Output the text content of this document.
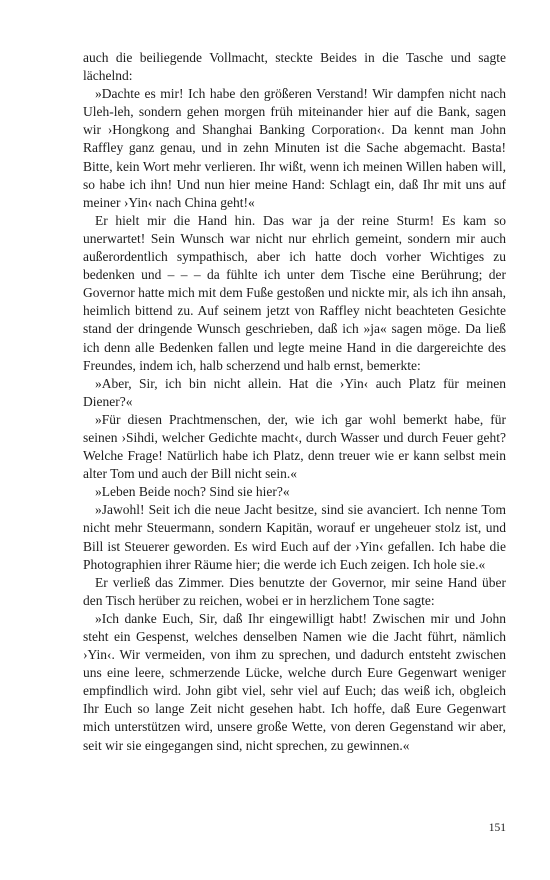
auch die beiliegende Vollmacht, steckte Beides in die Tasche und sagte lächelnd:

»Dachte es mir! Ich habe den größeren Verstand! Wir dampfen nicht nach Uleh-leh, sondern gehen morgen früh miteinander hier auf die Bank, sagen wir ›Hongkong and Shanghai Banking Corporation‹. Da kennt man John Raffley ganz genau, und in zehn Minuten ist die Sache abgemacht. Basta! Bitte, kein Wort mehr verlieren. Ihr wißt, wenn ich meinen Willen haben will, so habe ich ihn! Und nun hier meine Hand: Schlagt ein, daß Ihr mit uns auf meiner ›Yin‹ nach China geht!«

Er hielt mir die Hand hin. Das war ja der reine Sturm! Es kam so unerwartet! Sein Wunsch war nicht nur ehrlich gemeint, sondern mir auch außerordentlich sympathisch, aber ich hatte doch vorher Wichtiges zu bedenken und – – – da fühlte ich unter dem Tische eine Berührung; der Governor hatte mich mit dem Fuße gestoßen und nickte mir, als ich ihn ansah, heimlich bittend zu. Auf seinem jetzt von Raffley nicht beachteten Gesichte stand der dringende Wunsch geschrieben, daß ich »ja« sagen möge. Da ließ ich denn alle Bedenken fallen und legte meine Hand in die dargereichte des Freundes, indem ich, halb scherzend und halb ernst, bemerkte:

»Aber, Sir, ich bin nicht allein. Hat die ›Yin‹ auch Platz für meinen Diener?«

»Für diesen Prachtmenschen, der, wie ich gar wohl bemerkt habe, für seinen ›Sihdi, welcher Gedichte macht‹, durch Wasser und durch Feuer geht? Welche Frage! Natürlich habe ich Platz, denn treuer wie er kann selbst mein alter Tom und auch der Bill nicht sein.«

»Leben Beide noch? Sind sie hier?«

»Jawohl! Seit ich die neue Jacht besitze, sind sie avanciert. Ich nenne Tom nicht mehr Steuermann, sondern Kapitän, worauf er ungeheuer stolz ist, und Bill ist Steuerer geworden. Es wird Euch auf der ›Yin‹ gefallen. Ich habe die Photographien ihrer Räume hier; die werde ich Euch zeigen. Ich hole sie.«

Er verließ das Zimmer. Dies benutzte der Governor, mir seine Hand über den Tisch herüber zu reichen, wobei er in herzlichem Tone sagte:

»Ich danke Euch, Sir, daß Ihr eingewilligt habt! Zwischen mir und John steht ein Gespenst, welches denselben Namen wie die Jacht führt, nämlich ›Yin‹. Wir vermeiden, von ihm zu sprechen, und dadurch entsteht zwischen uns eine leere, schmerzende Lücke, welche durch Eure Gegenwart weniger empfindlich wird. John gibt viel, sehr viel auf Euch; das weiß ich, obgleich Ihr Euch so lange Zeit nicht gesehen habt. Ich hoffe, daß Eure Gegenwart mich unterstützen wird, unsere große Wette, von deren Gegenstand wir aber, seit wir sie eingegangen sind, nicht sprechen, zu gewinnen.«

151
